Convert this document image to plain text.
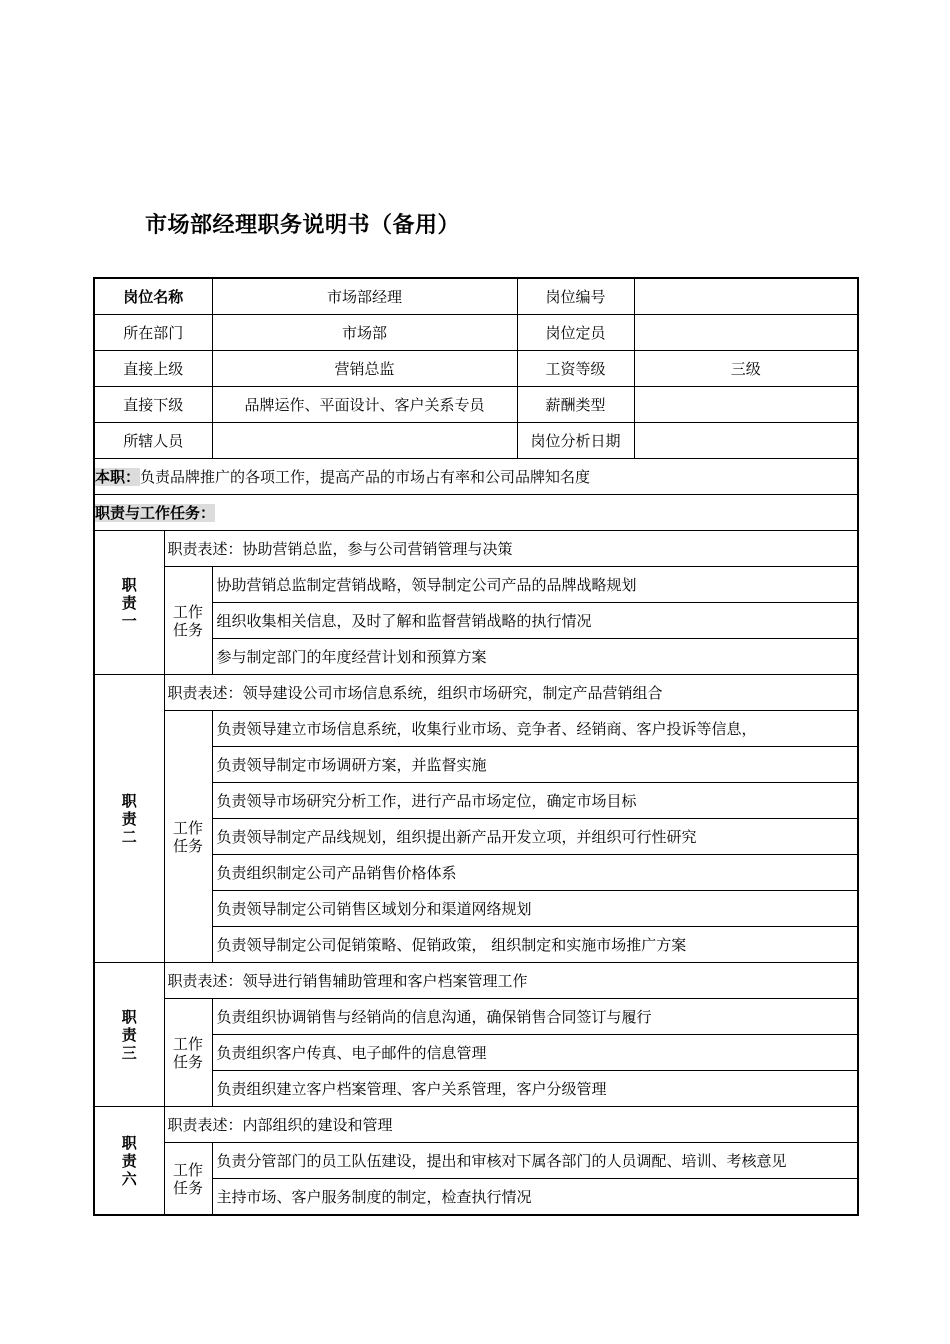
市场部经理职务说明书（备用）
岗位名称		市场部经理	岗位编号	
所在部门		市场部	岗位定员	
直接上级		营销总监	工资等级	三级
直接下级		品牌运作、平面设计、客户关系专员	薪酬类型	
所辖人员			岗位分析日期	
本职：负责品牌推广的各项工作，提高产品的市场占有率和公司品牌知名度				
职责与工作任务：				

职
责
一	职责表述：协助营销总监，参与公司营销管理与决策			

	工作
任务	协助营销总监制定营销战略，领导制定公司产品的品牌战略规划		
		组织收集相关信息，及时了解和监督营销战略的执行情况		
		参与制定部门的年度经营计划和预算方案		

职
责
二	职责表述：领导建设公司市场信息系统，组织市场研究，制定产品营销组合			

	工作
任务	负责领导建立市场信息系统，收集行业市场、竞争者、经销商、客户投诉等信息，		
		负责领导制定市场调研方案，并监督实施		
		负责领导市场研究分析工作，进行产品市场定位，确定市场目标		
		负责领导制定产品线规划，组织提出新产品开发立项，并组织可行性研究		
		负责组织制定公司产品销售价格体系		
		负责领导制定公司销售区域划分和渠道网络规划		
		负责领导制定公司促销策略、促销政策， 组织制定和实施市场推广方案		

职
责
三	职责表述：领导进行销售辅助管理和客户档案管理工作			

	工作
任务	负责组织协调销售与经销尚的信息沟通，确保销售合同签订与履行		
		负责组织客户传真、电子邮件的信息管理		
		负责组织建立客户档案管理、客户关系管理，客户分级管理		

职
责
六	职责表述：内部组织的建设和管理			

	工作
任务	负责分管部门的员工队伍建设，提出和审核对下属各部门的人员调配、培训、考核意见		
		主持市场、客户服务制度的制定，检查执行情况		
